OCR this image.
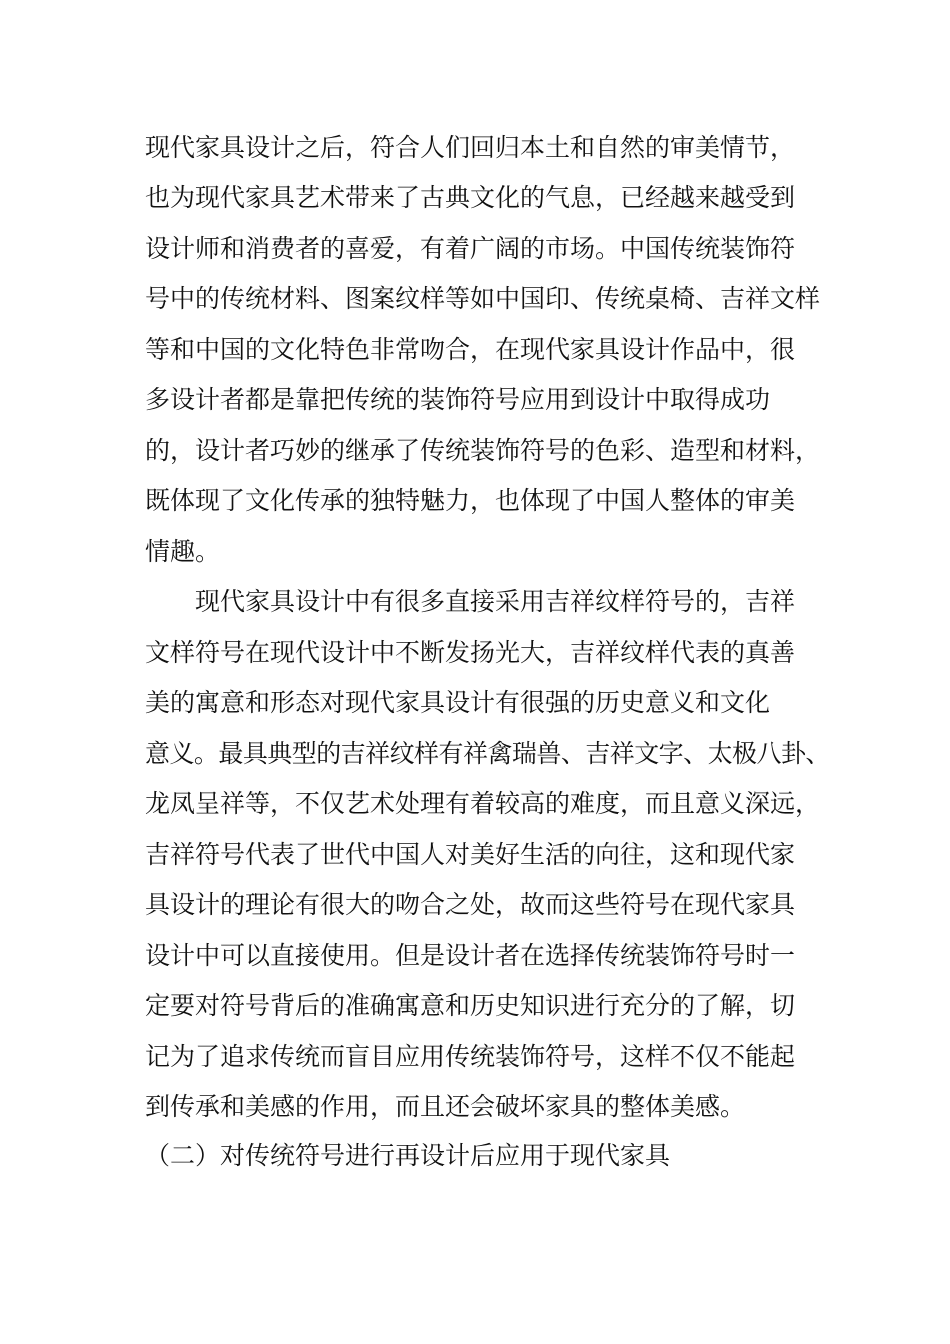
现代家具设计之后，符合人们回归本土和自然的审美情节，
也为现代家具艺术带来了古典文化的气息，已经越来越受到
设计师和消费者的喜爱，有着广阔的市场。中国传统装饰符
号中的传统材料、图案纹样等如中国印、传统桌椅、吉祥文样
等和中国的文化特色非常吻合，在现代家具设计作品中，很
多设计者都是靠把传统的装饰符号应用到设计中取得成功
的，设计者巧妙的继承了传统装饰符号的色彩、造型和材料，
既体现了文化传承的独特魅力，也体现了中国人整体的审美
情趣。
现代家具设计中有很多直接采用吉祥纹样符号的，吉祥
文样符号在现代设计中不断发扬光大，吉祥纹样代表的真善
美的寓意和形态对现代家具设计有很强的历史意义和文化
意义。最具典型的吉祥纹样有祥禽瑞兽、吉祥文字、太极八卦、
龙凤呈祥等，不仅艺术处理有着较高的难度，而且意义深远，
吉祥符号代表了世代中国人对美好生活的向往，这和现代家
具设计的理论有很大的吻合之处，故而这些符号在现代家具
设计中可以直接使用。但是设计者在选择传统装饰符号时一
定要对符号背后的准确寓意和历史知识进行充分的了解，切
记为了追求传统而盲目应用传统装饰符号，这样不仅不能起
到传承和美感的作用，而且还会破坏家具的整体美感。
（二）对传统符号进行再设计后应用于现代家具
